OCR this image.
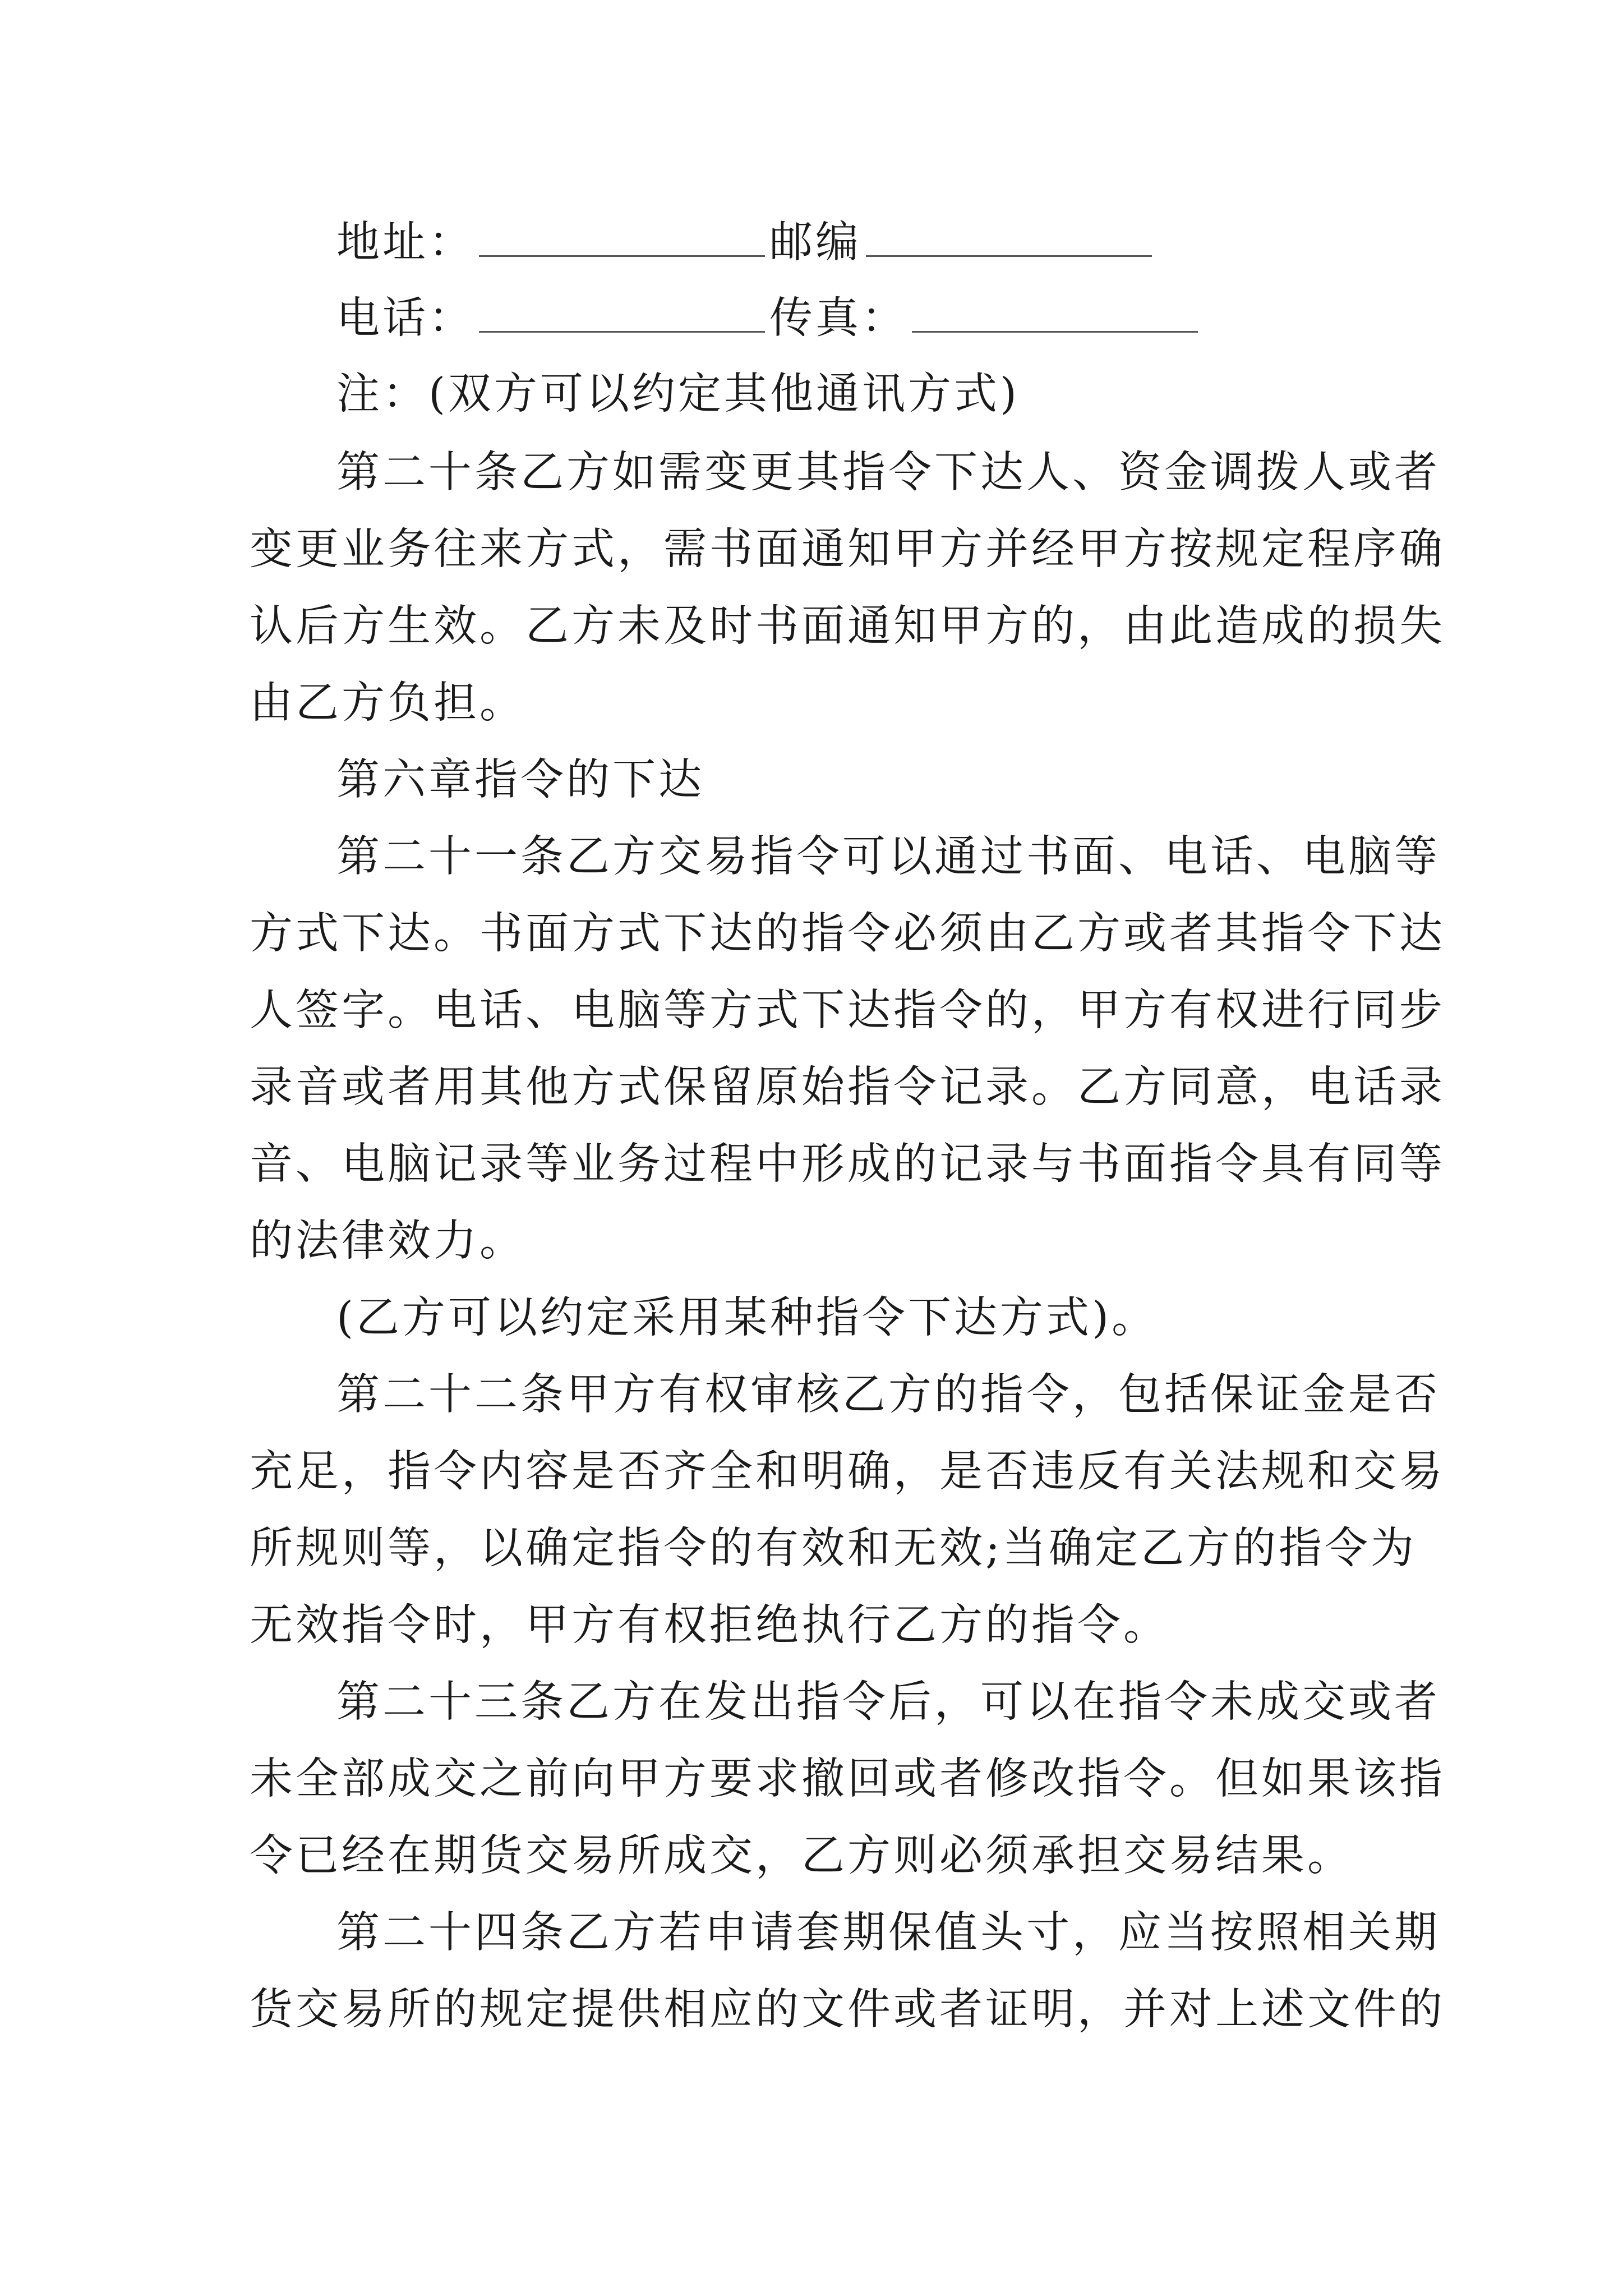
地址：	邮编
电话：	传真：
注：(双方可以约定其他通讯方式)
第二十条乙方如需变更其指令下达人、资金调拨人或者
变更业务往来方式，需书面通知甲方并经甲方按规定程序确
认后方生效。乙方未及时书面通知甲方的，由此造成的损失
由乙方负担。
第六章指令的下达
第二十一条乙方交易指令可以通过书面、电话、电脑等
方式下达。书面方式下达的指令必须由乙方或者其指令下达
人签字。电话、电脑等方式下达指令的，甲方有权进行同步
录音或者用其他方式保留原始指令记录。乙方同意，电话录
音、电脑记录等业务过程中形成的记录与书面指令具有同等
的法律效力。
(乙方可以约定采用某种指令下达方式)。
第二十二条甲方有权审核乙方的指令，包括保证金是否
充足，指令内容是否齐全和明确，是否违反有关法规和交易
所规则等，以确定指令的有效和无效;当确定乙方的指令为
无效指令时，甲方有权拒绝执行乙方的指令。
第二十三条乙方在发出指令后，可以在指令未成交或者
未全部成交之前向甲方要求撤回或者修改指令。但如果该指
令已经在期货交易所成交，乙方则必须承担交易结果。
第二十四条乙方若申请套期保值头寸，应当按照相关期
货交易所的规定提供相应的文件或者证明，并对上述文件的
